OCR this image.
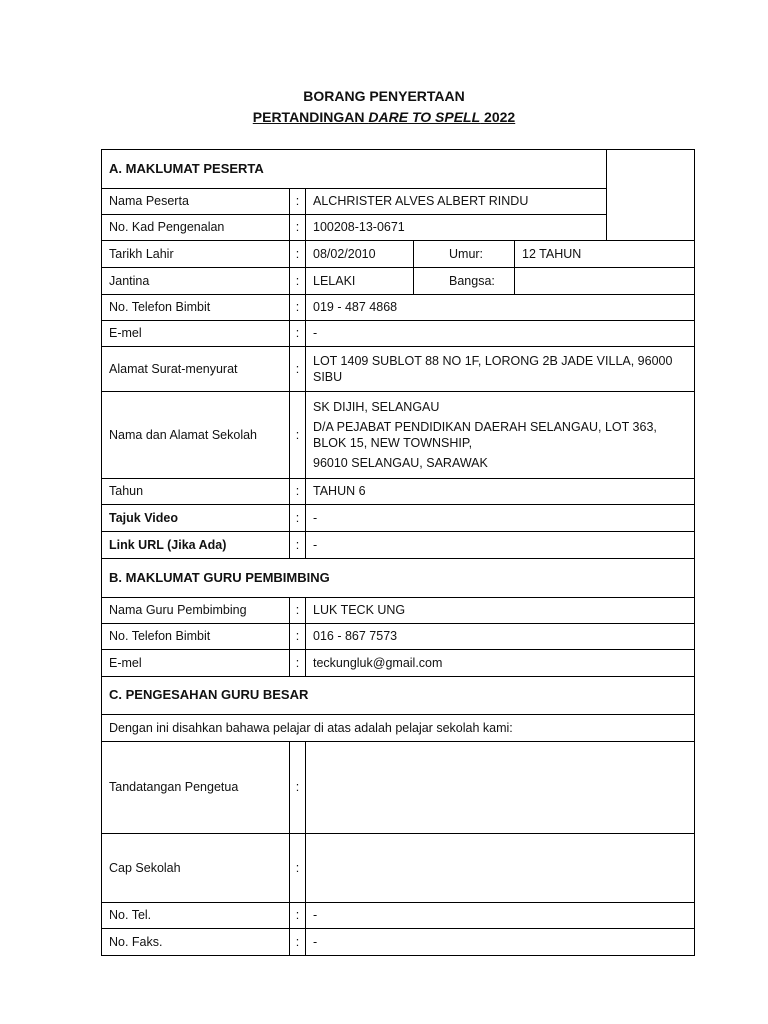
BORANG PENYERTAAN
PERTANDINGAN DARE TO SPELL 2022
A. MAKLUMAT PESERTA
Nama Peserta	:	ALCHRISTER ALVES ALBERT RINDU
No. Kad Pengenalan	:	100208-13-0671
Tarikh Lahir	:	08/02/2010	Umur:	12 TAHUN
Jantina	:	LELAKI	Bangsa:
No. Telefon Bimbit	:	019 - 487 4868
E-mel	:	-
Alamat Surat-menyurat	:
LOT 1409 SUBLOT 88 NO 1F, LORONG 2B JADE VILLA, 96000 SIBU
Nama dan Alamat Sekolah	:
SK DIJIH, SELANGAU
D/A PEJABAT PENDIDIKAN DAERAH SELANGAU, LOT 363, BLOK 15, NEW TOWNSHIP,
96010 SELANGAU, SARAWAK
Tahun	:	TAHUN 6
Tajuk Video	:	-
Link URL (Jika Ada)	:	-
B. MAKLUMAT GURU PEMBIMBING
Nama Guru Pembimbing	:	LUK TECK UNG
No. Telefon Bimbit	:	016 - 867 7573
E-mel	:	teckungluk@gmail.com
C. PENGESAHAN GURU BESAR
Dengan ini disahkan bahawa pelajar di atas adalah pelajar sekolah kami:
Tandatangan Pengetua	:
Cap Sekolah	:
No. Tel.	:	-
No. Faks.	:	-
